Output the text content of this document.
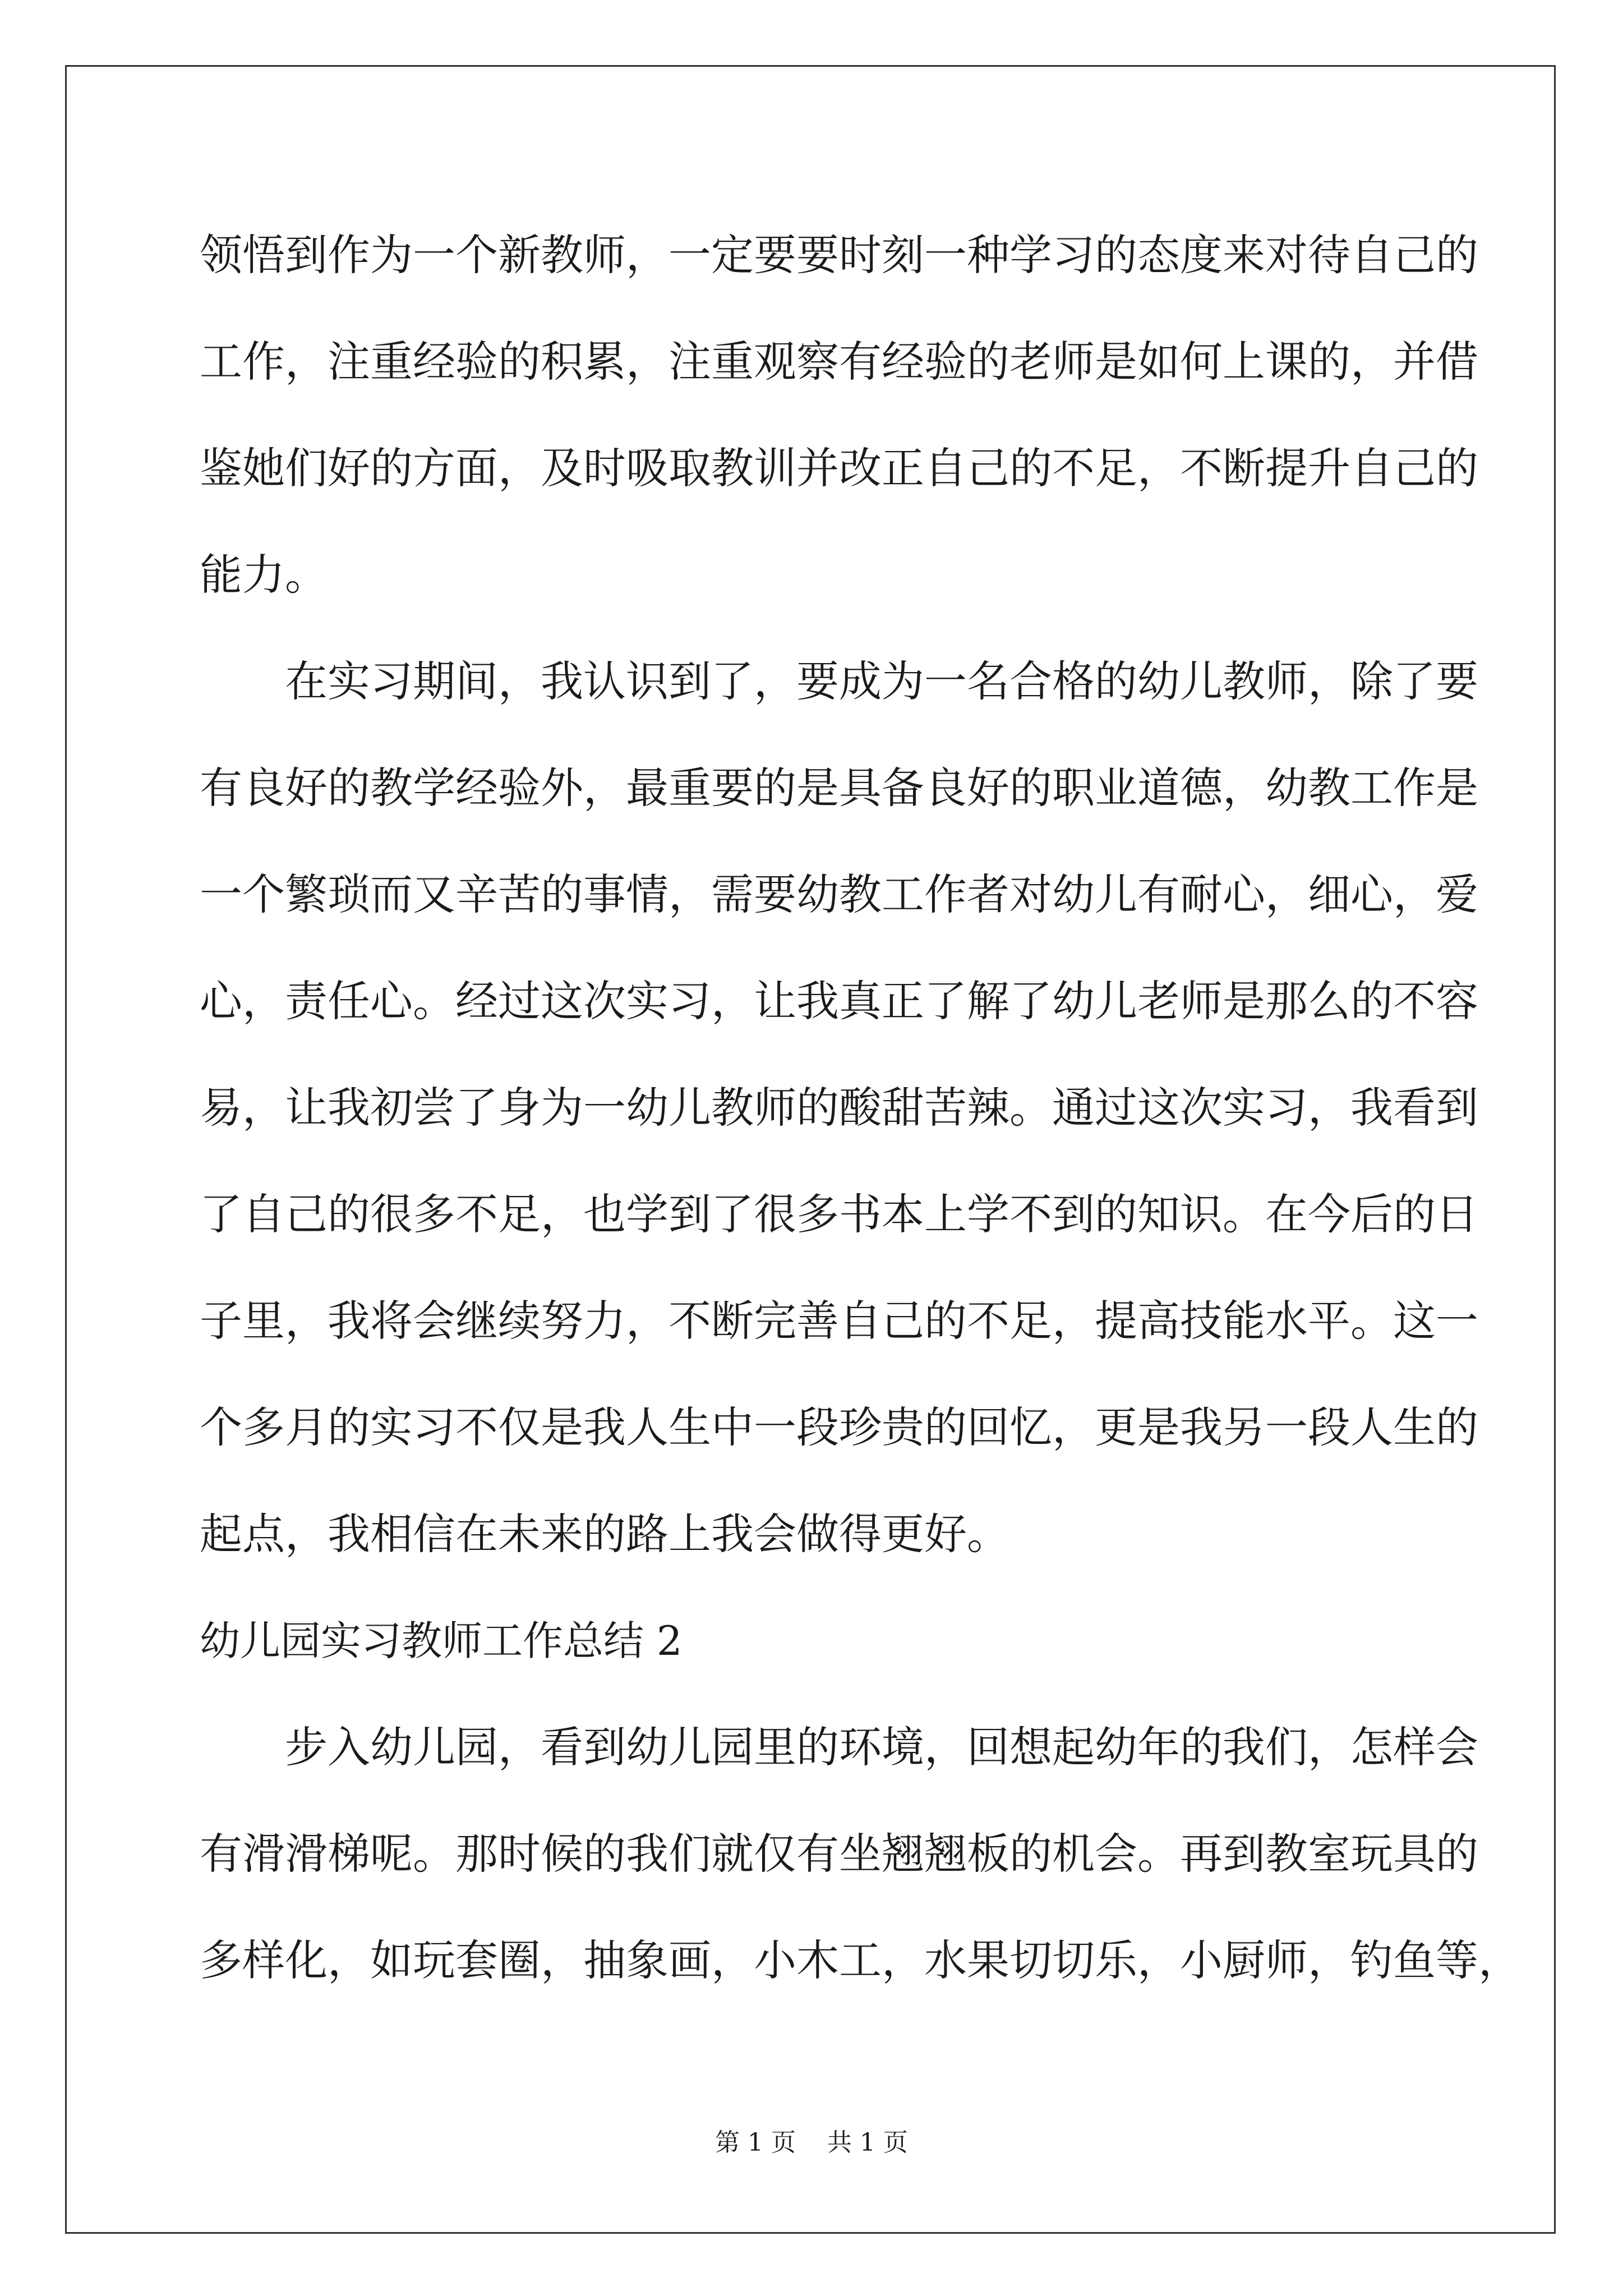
领悟到作为一个新教师，一定要要时刻一种学习的态度来对待自己的
工作，注重经验的积累，注重观察有经验的老师是如何上课的，并借
鉴她们好的方面，及时吸取教训并改正自己的不足，不断提升自己的
能力。
在实习期间，我认识到了，要成为一名合格的幼儿教师，除了要
有良好的教学经验外，最重要的是具备良好的职业道德，幼教工作是
一个繁琐而又辛苦的事情，需要幼教工作者对幼儿有耐心，细心，爱
心，责任心。经过这次实习，让我真正了解了幼儿老师是那么的不容
易，让我初尝了身为一幼儿教师的酸甜苦辣。通过这次实习，我看到
了自己的很多不足，也学到了很多书本上学不到的知识。在今后的日
子里，我将会继续努力，不断完善自己的不足，提高技能水平。这一
个多月的实习不仅是我人生中一段珍贵的回忆，更是我另一段人生的
起点，我相信在未来的路上我会做得更好。
幼儿园实习教师工作总结 2
步入幼儿园，看到幼儿园里的环境，回想起幼年的我们，怎样会
有滑滑梯呢。那时候的我们就仅有坐翘翘板的机会。再到教室玩具的
多样化，如玩套圈，抽象画，小木工，水果切切乐，小厨师，钓鱼等，
第 1 页    共 1 页
